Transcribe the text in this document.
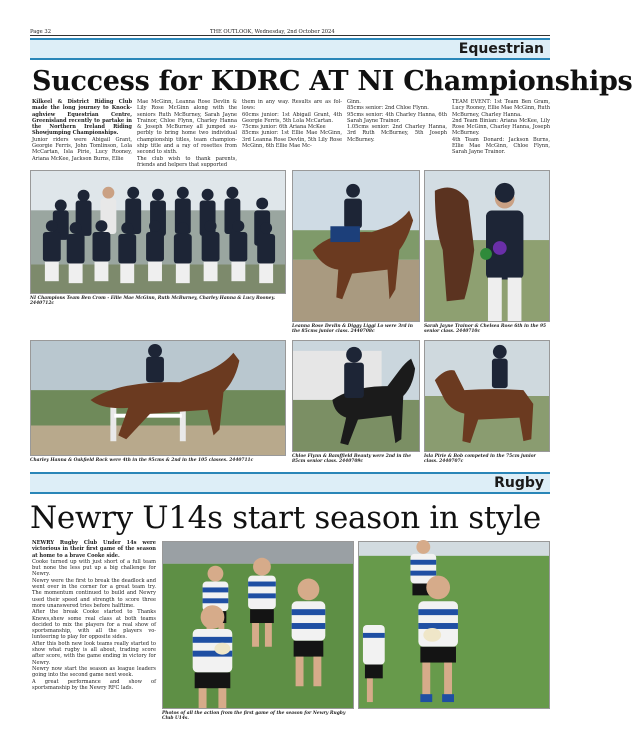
Page 32	THE OUTLOOK, Wednesday, 2nd October 2024
Equestrian
Success for KDRC AT NI Championships

Kilkeel & District Riding Club made the long journey to Knockaghview Equestrian Centre, Greenisland recently to partake in the Northern Ireland Riding Showjumping Championships.

Junior riders were Abigail Grant, Georgie Ferris, John Tomlinson, Lola McCartan, Isla Pirie, Lucy Rooney, Ariana McKee, Jackson Burns, Ellie

Mae McGinn, Leanna Rose Devlin & Lily Rose McGinn along with the seniors Ruth McBurney, Sarah Jayne Trainor, Chloe Flynn, Charley Hanna & Joseph McBurney all jumped superbly to bring home two individual championship titles, team championship title and a ray of rosettes from second to sixth.

The club wish to thank parents, friends and helpers that supported

them in any way. Results are as follows:

60cms junior: 1st Abigail Grant, 4th Georgie Ferris, 5th Lola McCartan.

75cms junior: 6th Ariana McKee

85cms junior: 1st Ellie Mae McGinn, 3rd Leanna Rose Devlin, 5th Lily Rose McGinn, 6th Ellie Mae Mc-

Ginn.

85cms senior: 2nd Chloe Flynn.

95cms senior: 4th Charley Hanna, 6th Sarah Jayne Trainor.

1.05cms senior: 2nd Charley Hanna, 3rd Ruth McBurney, 5th Joseph McBurney.

TEAM EVENT: 1st Team Ben Gram, Lucy Rooney, Ellie Mae McGinn, Ruth McBurney, Charley Hanna.

2nd Team Binian: Ariana McKee, Lily Rose McGinn, Charley Hanna, Joseph McBurney.

4th Team Donard: Jackson Burns, Ellie Mae McGinn, Chloe Flynn, Sarah Jayne Trainor.

NI Champions Team Ben Crom - Ellie Mae McGinn, Ruth McBurney, Charley Hanna & Lucy Rooney. 2440712c
Leanna Rose Devlin & Diggy Liggi Lo were 3rd in the 85cms junior class. 2440708c
Sarah Jayne Trainor & Chelsea Rose 6th in the 95 senior class. 2440710c
Charley Hanna & Oakfield Rock were 4th in the 95cms & 2nd in the 105 classes. 2440711c
Chloe Flynn & Bamffield Beauty were 2nd in the 85cm senior class. 2440709c
Isla Pirie & Bob competed in the 75cm junior class. 2440707c
Rugby
Newry U14s start season in style

NEWRY Rugby Club Under 14s were victorious in their first game of the season at home to a brave Cooke side.

Cooke turned up with just short of a full team but none the less put up a big challenge for Newry.

Newry were the first to break the deadlock and went over in the corner for a great team try. The momentum continued to build and Newry used their speed and strength to score three more unanswered tries before halftime.

After the break Cooke started to Thanks Knews,shew some real class at both teams decided to mix the players for a real show of sportsmanship, with all the players volunteering to play for opposite sides.

After this both new look teams really started to show what rugby is all about, trading score after score, with the game ending in victory for Newry.

Newry now start the season as league leaders going into the second game next week.

A great performance and show of sportsmanship by the Newry RFC lads.

Photos of all the action from the first game of the season for Newry Rugby Club U14s.
